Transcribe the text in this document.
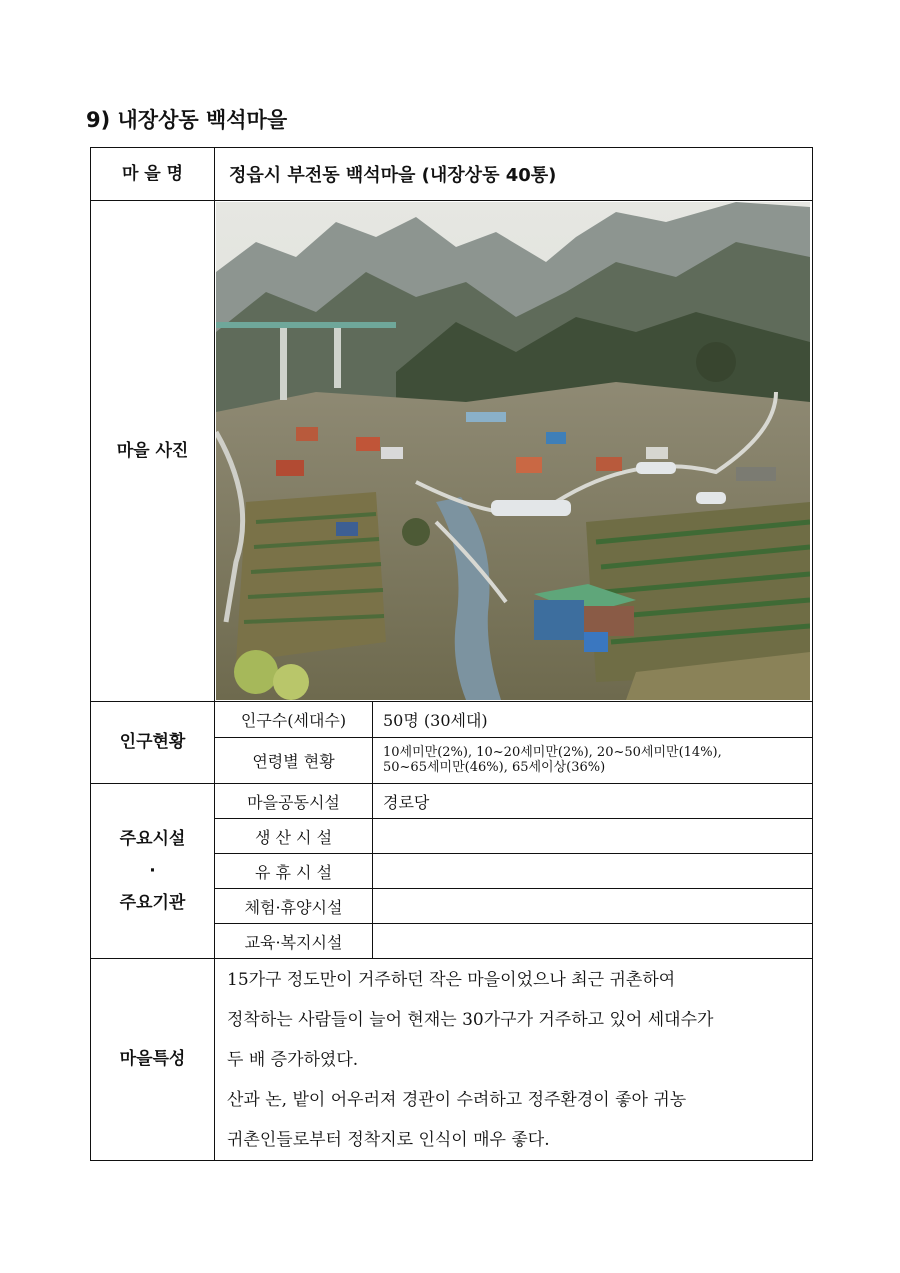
9) 내장상동 백석마을
마 을 명	정읍시 부전동 백석마을 (내장상동 40통)	
마을 사진	

인구현황	인구수(세대수)	50명 (30세대)
	연령별 현황	10세미만(2%), 10~20세미만(2%), 20~50세미만(14%),
50~65세미만(46%), 65세이상(36%)

주요시설
·
주요기관	마을공동시설	경로당
	생 산 시 설	
	유 휴 시 설	
	체험·휴양시설	
	교육·복지시설	
마을특성	15가구 정도만이 거주하던 작은 마을이었으나 최근 귀촌하여

정착하는 사람들이 늘어 현재는 30가구가 거주하고 있어 세대수가

두 배 증가하였다.

산과 논, 밭이 어우러져 경관이 수려하고 정주환경이 좋아 귀농

귀촌인들로부터 정착지로 인식이 매우 좋다.	
